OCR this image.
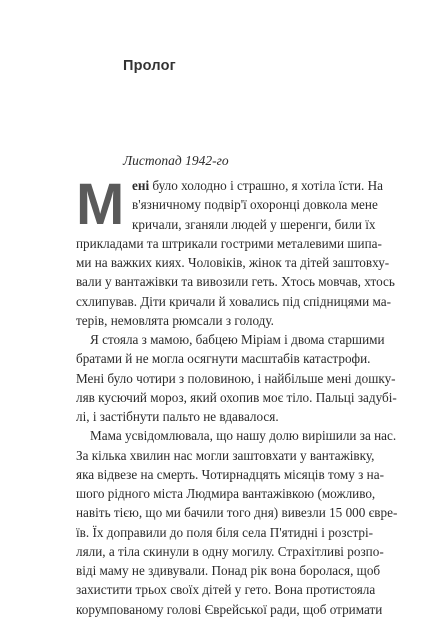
Пролог
Листопад 1942-го
М ені було холодно і страшно, я хотіла їсти. На
в'язничному подвір'ї охоронці довкола мене
кричали, зганяли людей у шеренги, били їх
прикладами та штрикали гострими металевими шипа-
ми на важких киях. Чоловіків, жінок та дітей заштовху-
вали у вантажівки та вивозили геть. Хтось мовчав, хтось
схлипував. Діти кричали й ховались під спідницями ма-
терів, немовлята рюмсали з голоду.
Я стояла з мамою, бабцею Міріам і двома старшими
братами й не могла осягнути масштабів катастрофи.
Мені було чотири з половиною, і найбільше мені дошку-
ляв кусючий мороз, який охопив моє тіло. Пальці задубі-
лі, і застібнути пальто не вдавалося.
Мама усвідомлювала, що нашу долю вирішили за нас.
За кілька хвилин нас могли заштовхати у вантажівку,
яка відвезе на смерть. Чотирнадцять місяців тому з на-
шого рідного міста Людмира вантажівкою (можливо,
навіть тією, що ми бачили того дня) вивезли 15 000 євре-
їв. Їх доправили до поля біля села П'ятидні і розстрі-
ляли, а тіла скинули в одну могилу. Страхітливі розпо-
віді маму не здивували. Понад рік вона боролася, щоб
захистити трьох своїх дітей у гето. Вона протистояла
корумпованому голові Єврейської ради, щоб отримати
